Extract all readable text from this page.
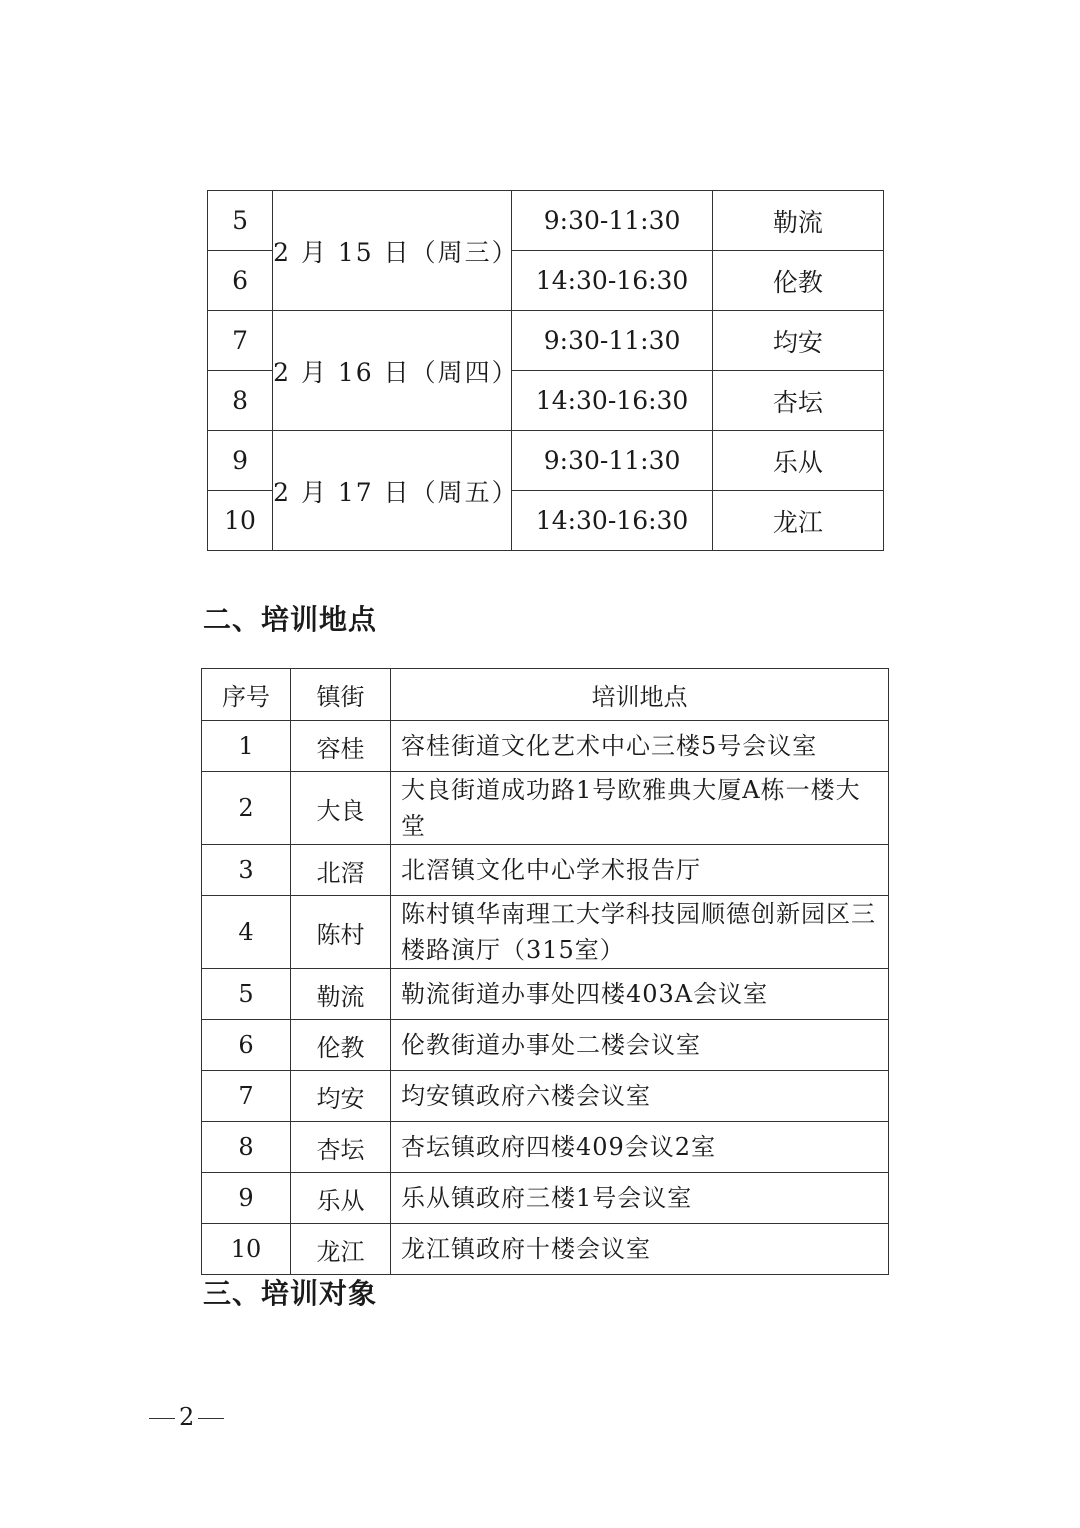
5	2 月 15 日（周三）	9:30-11:30	勒流
6		14:30-16:30	伦教
7	2 月 16 日（周四）	9:30-11:30	均安
8		14:30-16:30	杏坛
9	2 月 17 日（周五）	9:30-11:30	乐从
10		14:30-16:30	龙江
二、培训地点
序号	镇街	培训地点
1	容桂	容桂街道文化艺术中心三楼5号会议室
2	大良	大良街道成功路1号欧雅典大厦A栋一楼大堂
3	北滘	北滘镇文化中心学术报告厅
4	陈村	陈村镇华南理工大学科技园顺德创新园区三楼路演厅（315室）
5	勒流	勒流街道办事处四楼403A会议室
6	伦教	伦教街道办事处二楼会议室
7	均安	均安镇政府六楼会议室
8	杏坛	杏坛镇政府四楼409会议2室
9	乐从	乐从镇政府三楼1号会议室
10	龙江	龙江镇政府十楼会议室
三、培训对象
2
